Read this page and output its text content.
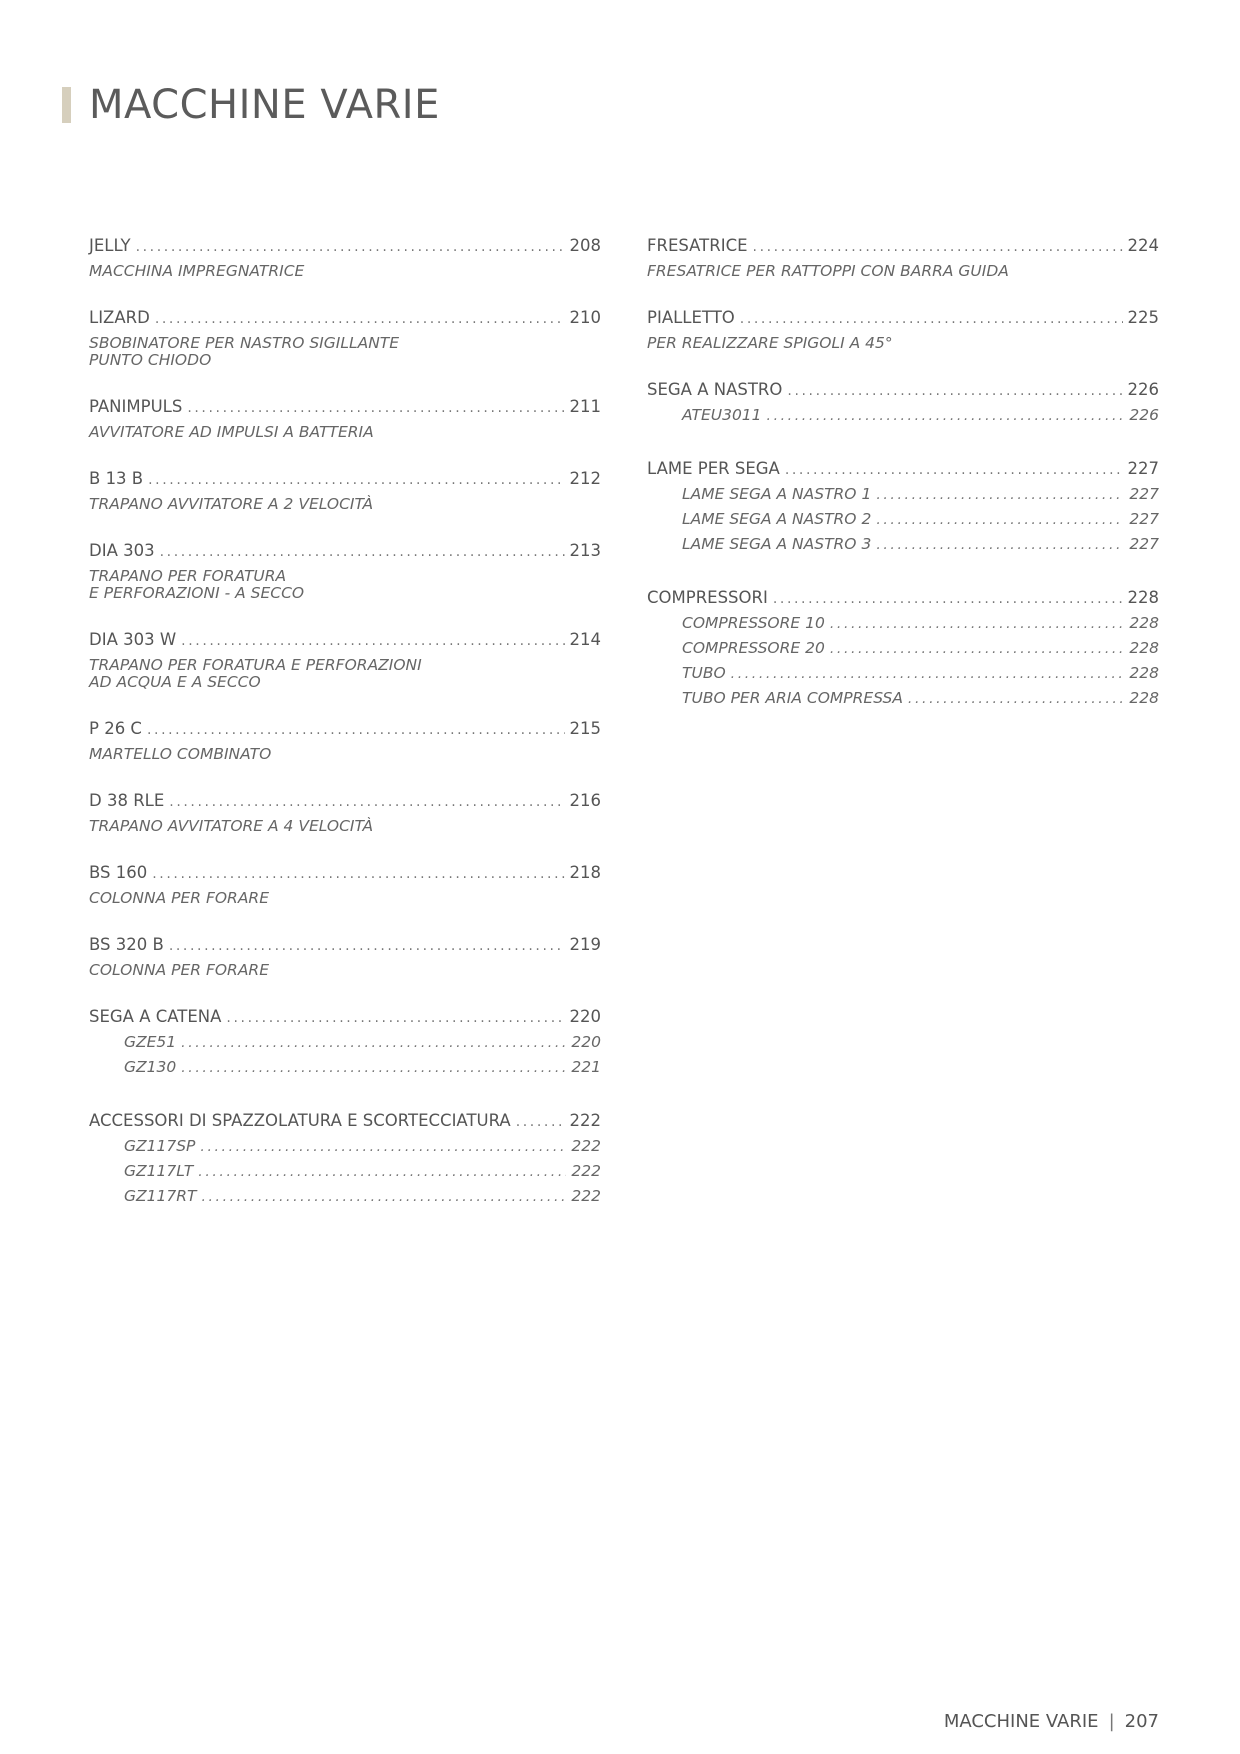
MACCHINE VARIE
JELLY .....	208
MACCHINA IMPREGNATRICE
LIZARD .....	210
SBOBINATORE PER NASTRO SIGILLANTE
PUNTO CHIODO
PANIMPULS .....	211
AVVITATORE AD IMPULSI A BATTERIA
B 13 B .....	212
TRAPANO AVVITATORE A 2 VELOCITÀ
DIA 303 .....	213
TRAPANO PER FORATURA
E PERFORAZIONI - A SECCO
DIA 303 W .....	214
TRAPANO PER FORATURA E PERFORAZIONI
AD ACQUA E A SECCO
P 26 C .....	215
MARTELLO COMBINATO
D 38 RLE .....	216
TRAPANO AVVITATORE A 4 VELOCITÀ
BS 160 .....	218
COLONNA PER FORARE
BS 320 B .....	219
COLONNA PER FORARE
SEGA A CATENA .....	220
GZE51 .....	220
GZ130 .....	221
ACCESSORI DI SPAZZOLATURA E SCORTECCIATURA .....	222
GZ117SP .....	222
GZ117LT .....	222
GZ117RT .....	222
FRESATRICE .....	224
FRESATRICE PER RATTOPPI CON BARRA GUIDA
PIALLETTO .....	225
PER REALIZZARE SPIGOLI A 45°
SEGA A NASTRO .....	226
ATEU3011 .....	226
LAME PER SEGA .....	227
LAME SEGA A NASTRO 1 .....	227
LAME SEGA A NASTRO 2 .....	227
LAME SEGA A NASTRO 3 .....	227
COMPRESSORI .....	228
COMPRESSORE 10 .....	228
COMPRESSORE 20 .....	228
TUBO .....	228
TUBO PER ARIA COMPRESSA .....	228
MACCHINE VARIE | 207
